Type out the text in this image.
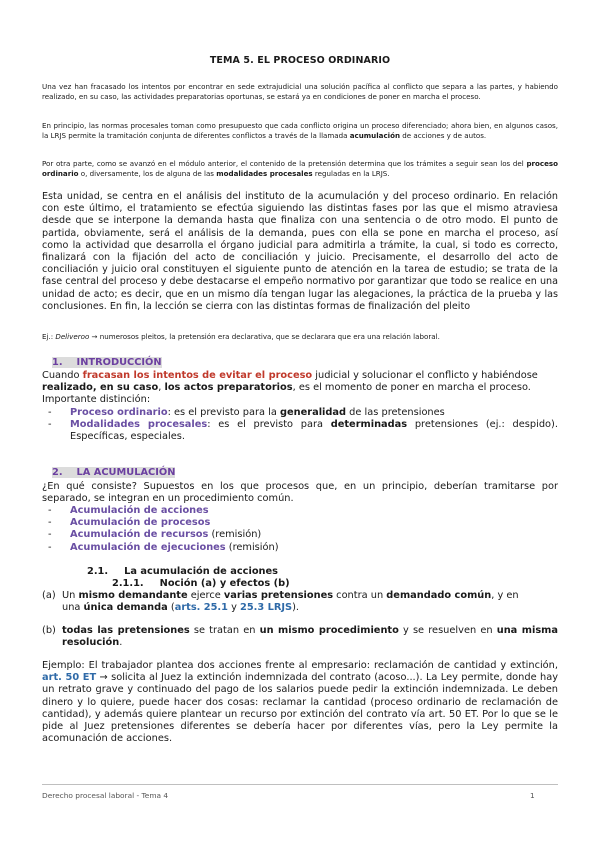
TEMA 5. EL PROCESO ORDINARIO

Una vez han fracasado los intentos por encontrar en sede extrajudicial una solución pacífica al conflicto que separa a las partes, y habiendo realizado, en su caso, las actividades preparatorias oportunas, se estará ya en condiciones de poner en marcha el proceso.

En principio, las normas procesales toman como presupuesto que cada conflicto origina un proceso diferenciado; ahora bien, en algunos casos, la LRJS permite la tramitación conjunta de diferentes conflictos a través de la llamada acumulación de acciones y de autos.

Por otra parte, como se avanzó en el módulo anterior, el contenido de la pretensión determina que los trámites a seguir sean los del proceso ordinario o, diversamente, los de alguna de las modalidades procesales reguladas en la LRJS.

Esta unidad, se centra en el análisis del instituto de la acumulación y del proceso ordinario. En relación con este último, el tratamiento se efectúa siguiendo las distintas fases por las que el mismo atraviesa desde que se interpone la demanda hasta que finaliza con una sentencia o de otro modo. El punto de partida, obviamente, será el análisis de la demanda, pues con ella se pone en marcha el proceso, así como la actividad que desarrolla el órgano judicial para admitirla a trámite, la cual, si todo es correcto, finalizará con la fijación del acto de conciliación y juicio. Precisamente, el desarrollo del acto de conciliación y juicio oral constituyen el siguiente punto de atención en la tarea de estudio; se trata de la fase central del proceso y debe destacarse el empeño normativo por garantizar que todo se realice en una unidad de acto; es decir, que en un mismo día tengan lugar las alegaciones, la práctica de la prueba y las conclusiones. En fin, la lección se cierra con las distintas formas de finalización del pleito

Ej.: Deliveroo → numerosos pleitos, la pretensión era declarativa, que se declarara que era una relación laboral.

1. INTRODUCCIÓN
Cuando fracasan los intentos de evitar el proceso judicial y solucionar el conflicto y habiéndose
realizado, en su caso, los actos preparatorios, es el momento de poner en marcha el proceso.
Importante distinción:
- Proceso ordinario: es el previsto para la generalidad de las pretensiones
- Modalidades procesales: es el previsto para determinadas pretensiones (ej.: despido). Específicas, especiales.
2. LA ACUMULACIÓN
¿En qué consiste? Supuestos en los que procesos que, en un principio, deberían tramitarse por separado, se integran en un procedimiento común.
- Acumulación de acciones
- Acumulación de procesos
- Acumulación de recursos (remisión)
- Acumulación de ejecuciones (remisión)
2.1. La acumulación de acciones
2.1.1. Noción (a) y efectos (b)
(a) Un mismo demandante ejerce varias pretensiones contra un demandado común, y en
una única demanda (arts. 25.1 y 25.3 LRJS).
(b) todas las pretensiones se tratan en un mismo procedimiento y se resuelven en una misma resolución.
Ejemplo: El trabajador plantea dos acciones frente al empresario: reclamación de cantidad y extinción, art. 50 ET → solicita al Juez la extinción indemnizada del contrato (acoso...). La Ley permite, donde hay un retrato grave y continuado del pago de los salarios puede pedir la extinción indemnizada. Le deben dinero y lo quiere, puede hacer dos cosas: reclamar la cantidad (proceso ordinario de reclamación de cantidad), y además quiere plantear un recurso por extinción del contrato vía art. 50 ET. Por lo que se le pide al Juez pretensiones diferentes se debería hacer por diferentes vías, pero la Ley permite la acomunación de acciones.
Derecho procesal laboral - Tema 4	1
